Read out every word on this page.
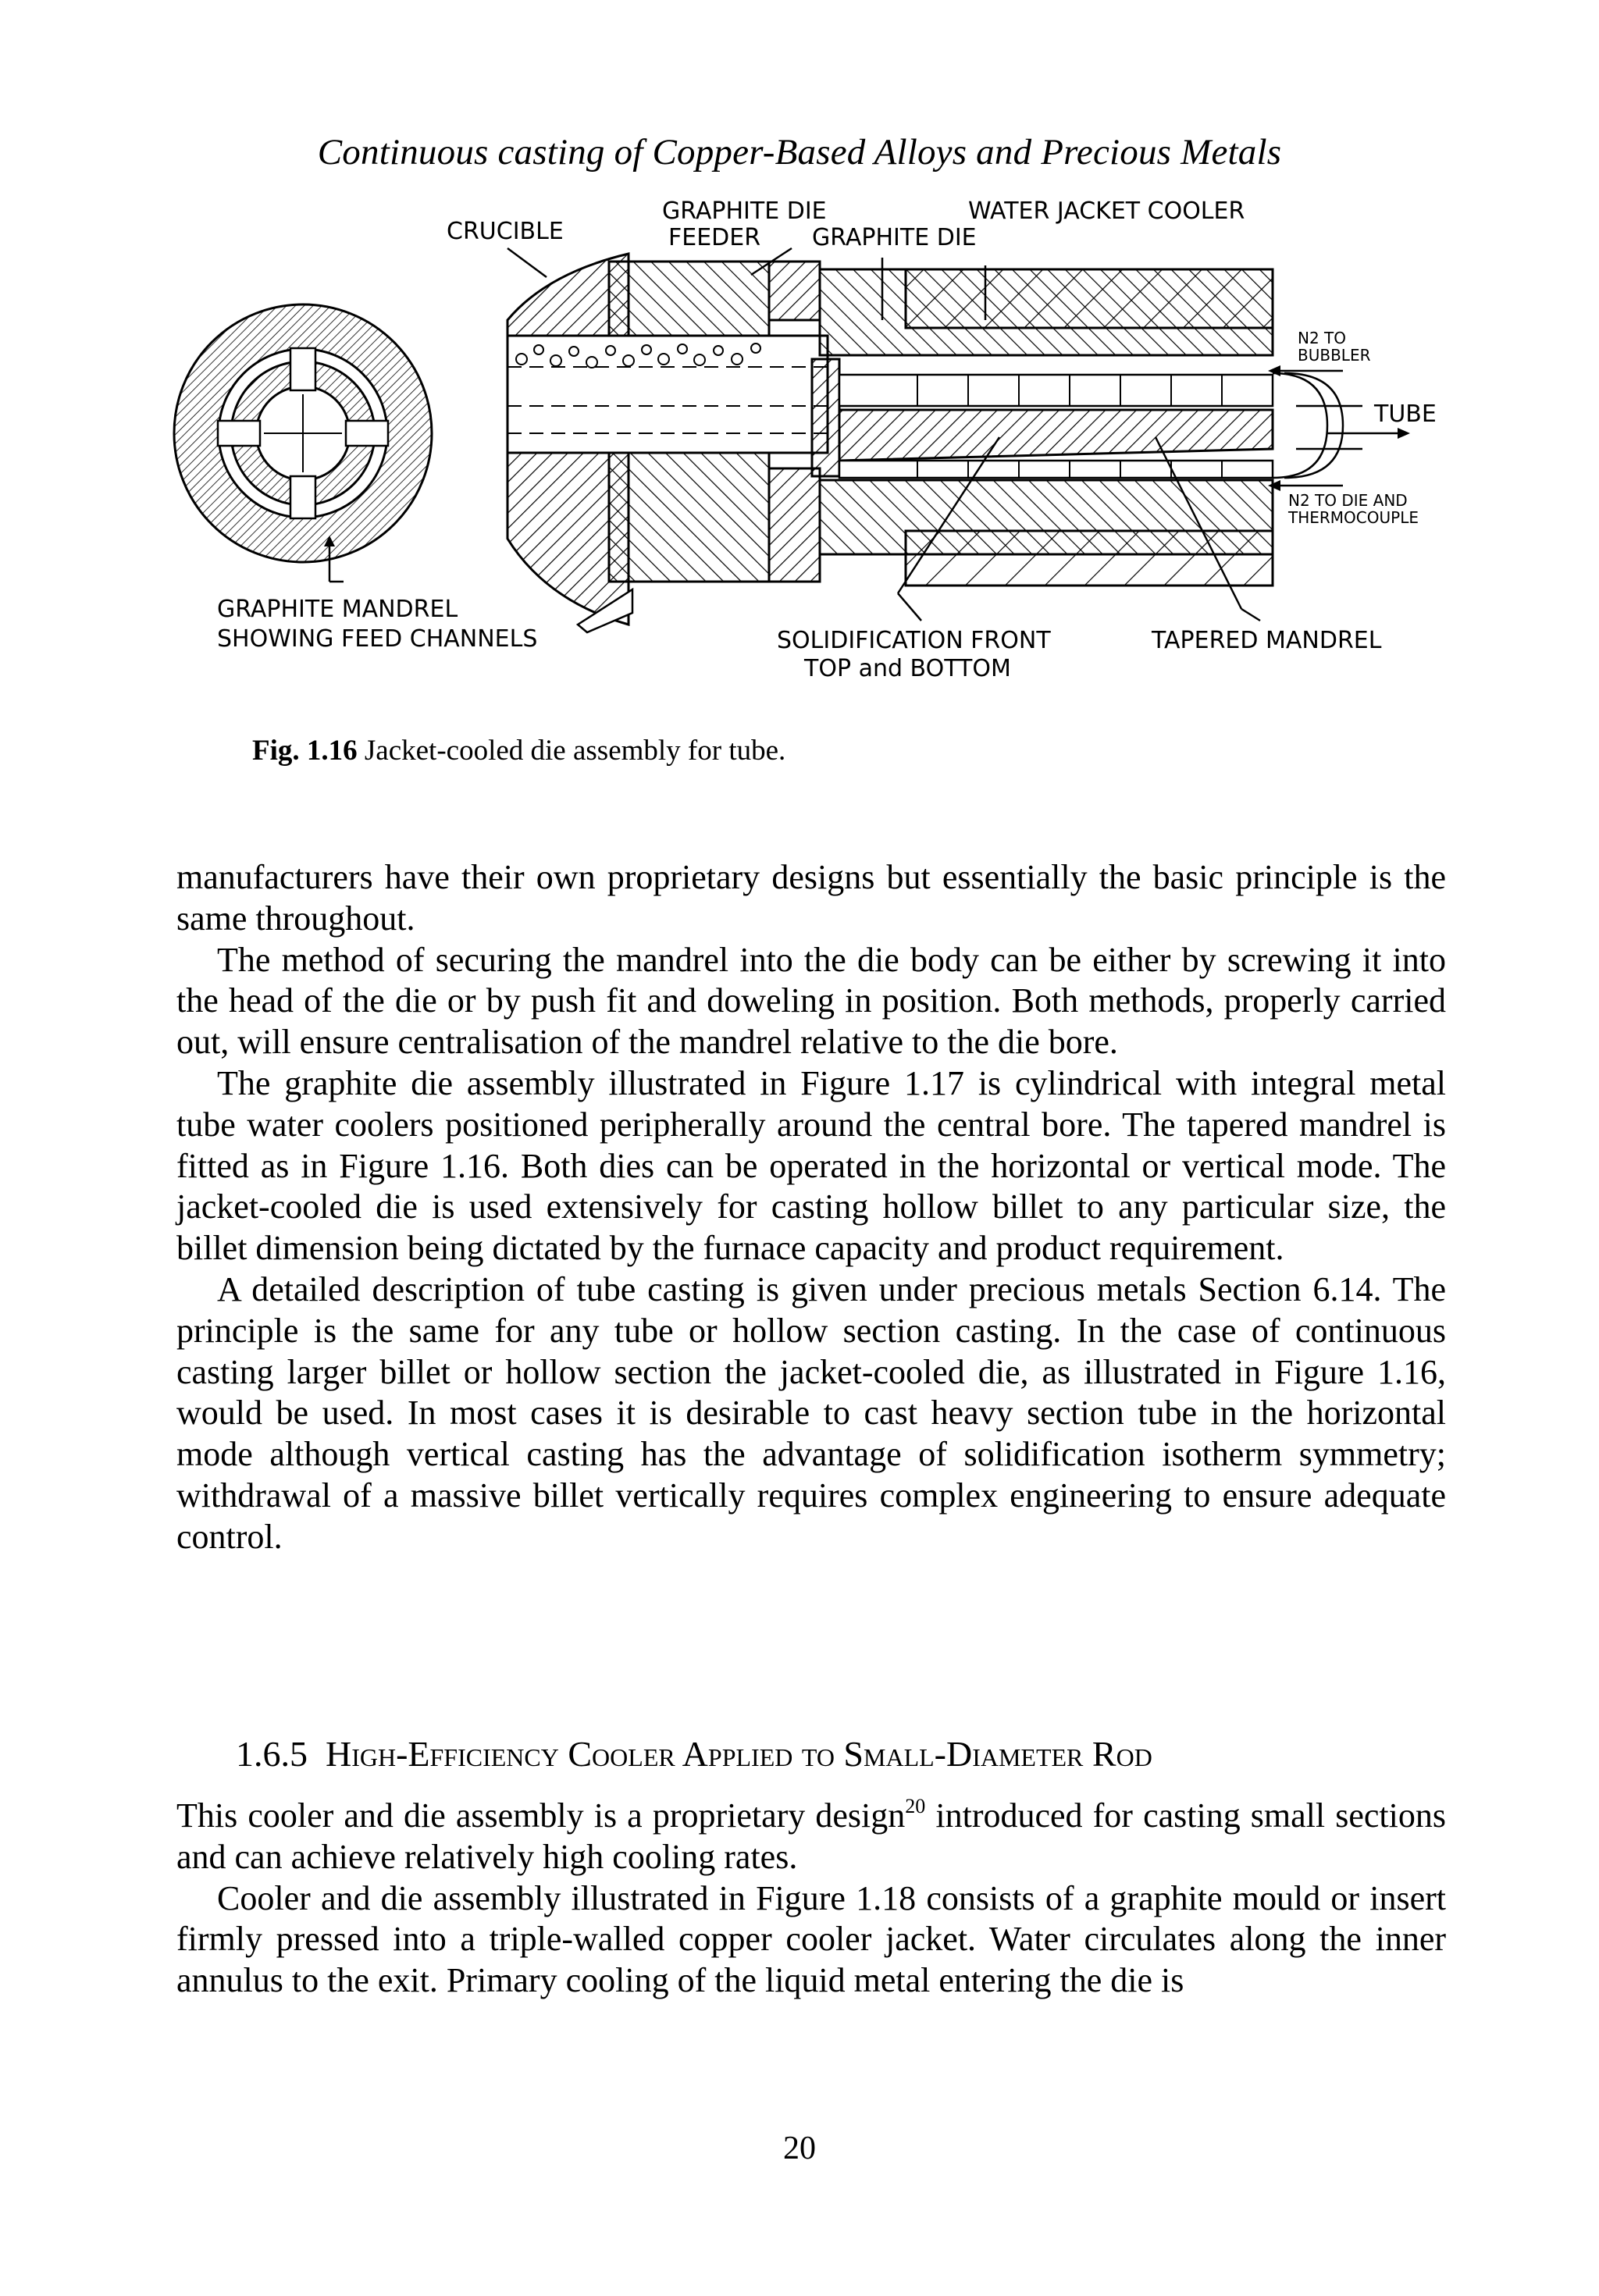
Continuous casting of Copper-Based Alloys and Precious Metals
CRUCIBLE
GRAPHITE DIE
FEEDER GRAPHITE DIE
WATER JACKET COOLER
N2 TO
BUBBLER
TUBE
N2 TO DIE AND
THERMOCOUPLE
GRAPHITE MANDREL
SHOWING FEED CHANNELS	SOLIDIFICATION FRONT
TOP and BOTTOM
TAPERED MANDREL
Fig. 1.16 Jacket-cooled die assembly for tube.

manufacturers have their own proprietary designs but essentially the basic principle is the same throughout.

The method of securing the mandrel into the die body can be either by screwing it into the head of the die or by push fit and doweling in position. Both methods, properly carried out, will ensure centralisation of the mandrel relative to the die bore.

The graphite die assembly illustrated in Figure 1.17 is cylindrical with integral metal tube water coolers positioned peripherally around the central bore. The tapered mandrel is fitted as in Figure 1.16. Both dies can be operated in the horizontal or vertical mode. The jacket-cooled die is used extensively for casting hollow billet to any particular size, the billet dimension being dictated by the furnace capacity and product requirement.

A detailed description of tube casting is given under precious metals Section 6.14. The principle is the same for any tube or hollow section casting. In the case of continuous casting larger billet or hollow section the jacket-cooled die, as illustrated in Figure 1.16, would be used. In most cases it is desirable to cast heavy section tube in the horizontal mode although vertical casting has the advantage of solidification isotherm symmetry; withdrawal of a massive billet vertically requires complex engineering to ensure adequate control.

1.6.5 High-Efficiency Cooler Applied to Small-Diameter Rod

This cooler and die assembly is a proprietary design$^{20}$ introduced for casting small sections and can achieve relatively high cooling rates.

Cooler and die assembly illustrated in Figure 1.18 consists of a graphite mould or insert firmly pressed into a triple-walled copper cooler jacket. Water circulates along the inner annulus to the exit. Primary cooling of the liquid metal entering the die is

20
